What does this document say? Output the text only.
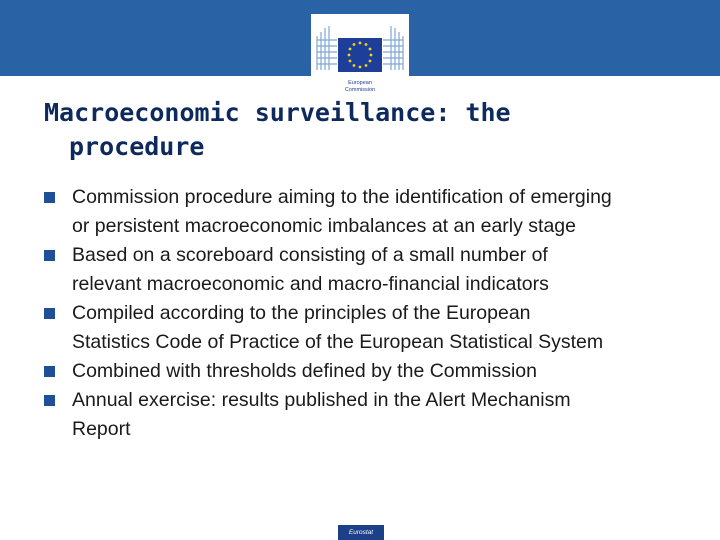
European
Commission
Macroeconomic surveillance: the
procedure
Commission procedure aiming to the identification of emerging
or persistent macroeconomic imbalances at an early stage
Based on a scoreboard consisting of a small number of
relevant macroeconomic and macro-financial indicators
Compiled according to the principles of the European
Statistics Code of Practice of the European Statistical System
Combined with thresholds defined by the Commission
Annual exercise: results published in the Alert Mechanism
Report
Eurostat
